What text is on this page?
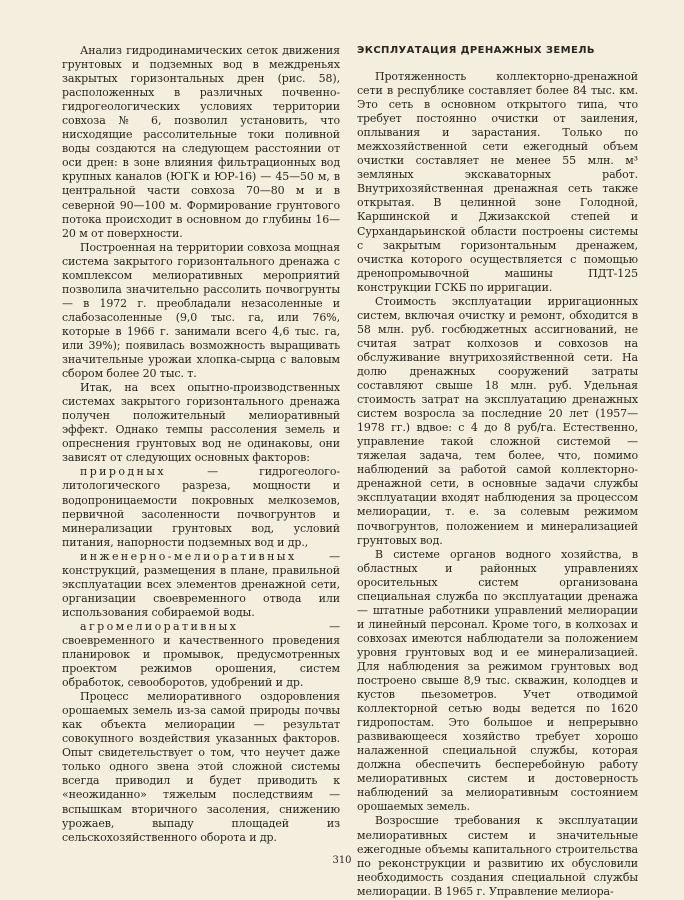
Анализ гидродинамических сеток движения грунтовых и подземных вод в междреньях закрытых горизонтальных дрен (рис. 58), расположенных в различных почвенно-гидрогеологических условиях территории совхоза № 6, позволил установить, что нисходящие рассолительные токи поливной воды создаются на следующем расстоянии от оси дрен: в зоне влияния фильтрационных вод крупных каналов (ЮГК и ЮР-16) — 45—50 м, в центральной части совхоза 70—80 м и в северной 90—100 м. Формирование грунтового потока происходит в основном до глубины 16—20 м от поверхности.

Построенная на территории совхоза мощная система закрытого горизонтального дренажа с комплексом мелиоративных мероприятий позволила значительно рассолить почвогрунты — в 1972 г. преобладали незасоленные и слабозасоленные (9,0 тыс. га, или 76%, которые в 1966 г. занимали всего 4,6 тыс. га, или 39%); появилась возможность выращивать значительные урожаи хлопка-сырца с валовым сбором более 20 тыс. т.

Итак, на всех опытно-производственных системах закрытого горизонтального дренажа получен положительный мелиоративный эффект. Однако темпы рассоления земель и опреснения грунтовых вод не одинаковы, они зависят от следующих основных факторов:

природных — гидрогеолого-литологического разреза, мощности и водопроницаемости покровных мелкоземов, первичной засоленности почвогрунтов и минерализации грунтовых вод, условий питания, напорности подземных вод и др.,

инженерно-мелиоративных — конструкций, размещения в плане, правильной эксплуатации всех элементов дренажной сети, организации своевременного отвода или использования собираемой воды.

агромелиоративных — своевременного и качественного проведения планировок и промывок, предусмотренных проектом режимов орошения, систем обработок, севооборотов, удобрений и др.

Процесс мелиоративного оздоровления орошаемых земель из-за самой природы почвы как объекта мелиорации — результат совокупного воздействия указанных факторов. Опыт свидетельствует о том, что неучет даже только одного звена этой сложной системы всегда приводил и будет приводить к «неожиданно» тяжелым последствиям — вспышкам вторичного засоления, снижению урожаев, выпаду площадей из сельскохозяйственного оборота и др.

ЭКСПЛУАТАЦИЯ ДРЕНАЖНЫХ ЗЕМЕЛЬ

Протяженность коллекторно-дренажной сети в республике составляет более 84 тыс. км. Это сеть в основном открытого типа, что требует постоянно очистки от заиления, оплывания и зарастания. Только по межхозяйственной сети ежегодный объем очистки составляет не менее 55 млн. м³ земляных экскаваторных работ. Внутрихозяйственная дренажная сеть также открытая. В целинной зоне Голодной, Каршинской и Джизакской степей и Сурхандарьинской области построены системы с закрытым горизонтальным дренажем, очистка которого осуществляется с помощью дренопромывочной машины ПДТ-125 конструкции ГСКБ по ирригации.

Стоимость эксплуатации ирригационных систем, включая очистку и ремонт, обходится в 58 млн. руб. госбюджетных ассигнований, не считая затрат колхозов и совхозов на обслуживание внутрихозяйственной сети. На долю дренажных сооружений затраты составляют свыше 18 млн. руб. Удельная стоимость затрат на эксплуатацию дренажных систем возросла за последние 20 лет (1957—1978 гг.) вдвое: с 4 до 8 руб/га. Естественно, управление такой сложной системой — тяжелая задача, тем более, что, помимо наблюдений за работой самой коллекторно-дренажной сети, в основные задачи службы эксплуатации входят наблюдения за процессом мелиорации, т. е. за солевым режимом почвогрунтов, положением и минерализацией грунтовых вод.

В системе органов водного хозяйства, в областных и районных управлениях оросительных систем организована специальная служба по эксплуатации дренажа — штатные работники управлений мелиорации и линейный персонал. Кроме того, в колхозах и совхозах имеются наблюдатели за положением уровня грунтовых вод и ее минерализацией. Для наблюдения за режимом грунтовых вод построено свыше 8,9 тыс. скважин, колодцев и кустов пьезометров. Учет отводимой коллекторной сетью воды ведется по 1620 гидропостам. Это большое и непрерывно развивающееся хозяйство требует хорошо налаженной специальной службы, которая должна обеспечить бесперебойную работу мелиоративных систем и достоверность наблюдений за мелиоративным состоянием орошаемых земель.

Возросшие требования к эксплуатации мелиоративных систем и значительные ежегодные объемы капитального строительства по реконструкции и развитию их обусловили необходимость создания специальной службы мелиорации. В 1965 г. Управление мелиора-

310
